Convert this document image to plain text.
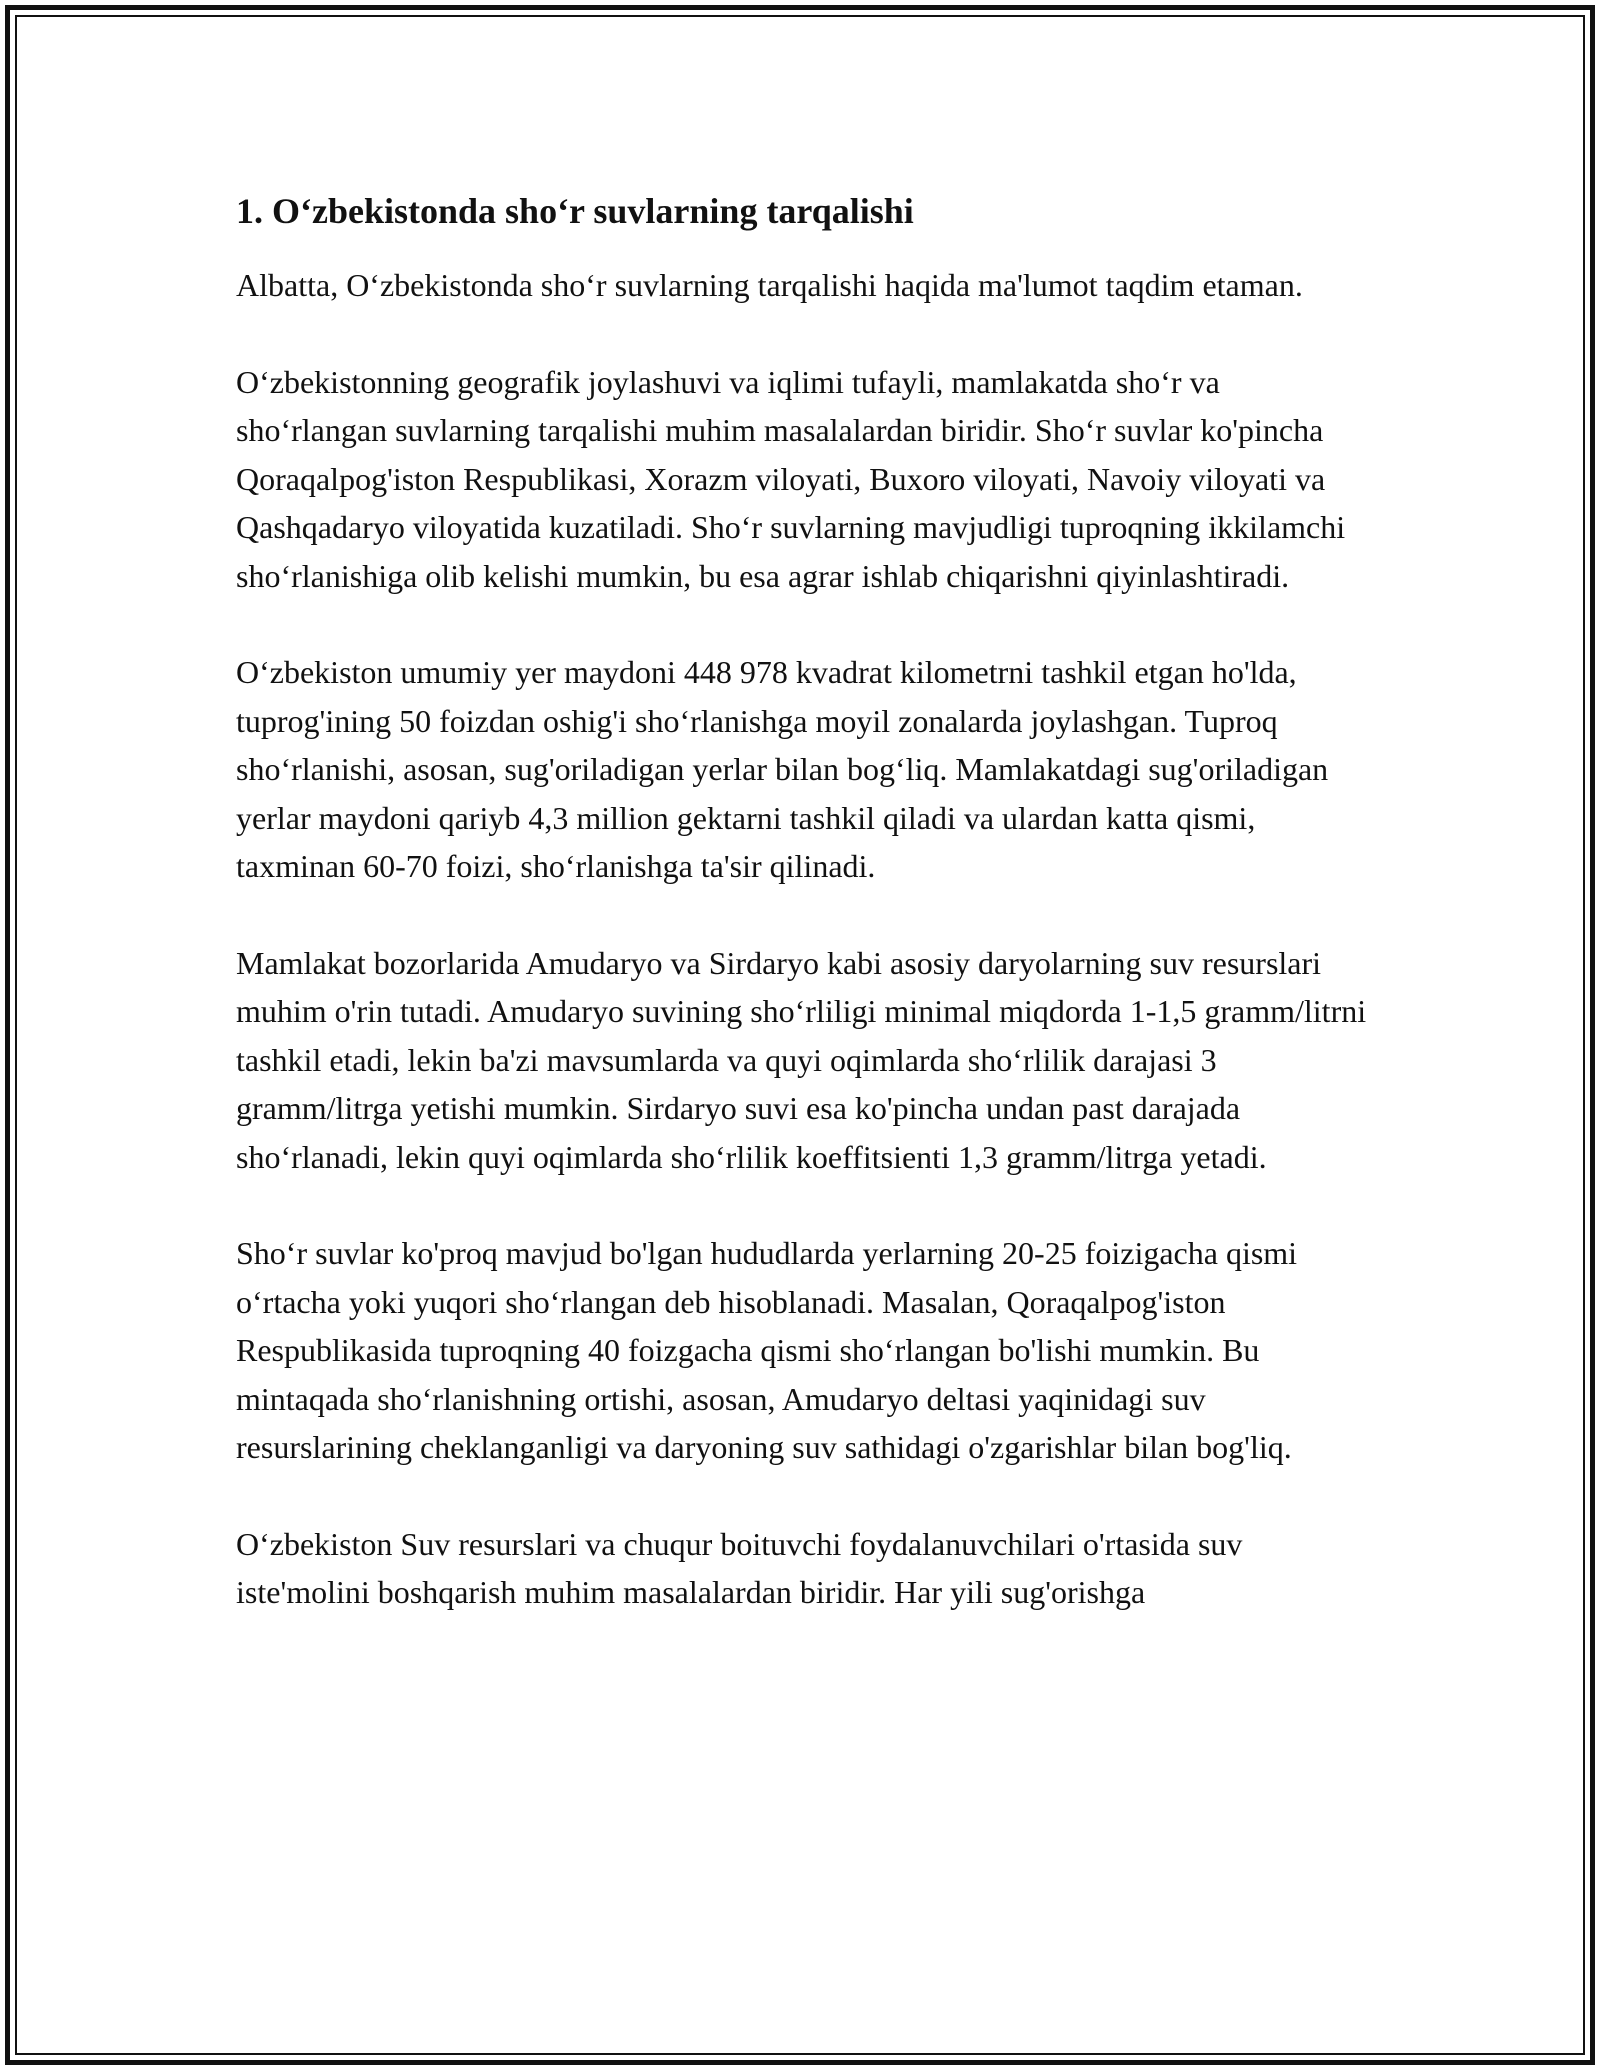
1. O‘zbekistonda sho‘r suvlarning tarqalishi

Albatta, O‘zbekistonda sho‘r suvlarning tarqalishi haqida ma'lumot taqdim etaman.

O‘zbekistonning geografik joylashuvi va iqlimi tufayli, mamlakatda sho‘r va sho‘rlangan suvlarning tarqalishi muhim masalalardan biridir. Sho‘r suvlar ko'pincha Qoraqalpog'iston Respublikasi, Xorazm viloyati, Buxoro viloyati, Navoiy viloyati va Qashqadaryo viloyatida kuzatiladi. Sho‘r suvlarning mavjudligi tuproqning ikkilamchi sho‘rlanishiga olib kelishi mumkin, bu esa agrar ishlab chiqarishni qiyinlashtiradi.

O‘zbekiston umumiy yer maydoni 448 978 kvadrat kilometrni tashkil etgan ho'lda, tuprog'ining 50 foizdan oshig'i sho‘rlanishga moyil zonalarda joylashgan. Tuproq sho‘rlanishi, asosan, sug'oriladigan yerlar bilan bog‘liq. Mamlakatdagi sug'oriladigan yerlar maydoni qariyb 4,3 million gektarni tashkil qiladi va ulardan katta qismi, taxminan 60-70 foizi, sho‘rlanishga ta'sir qilinadi.

Mamlakat bozorlarida Amudaryo va Sirdaryo kabi asosiy daryolarning suv resurslari muhim o'rin tutadi. Amudaryo suvining sho‘rliligi minimal miqdorda 1-1,5 gramm/litrni tashkil etadi, lekin ba'zi mavsumlarda va quyi oqimlarda sho‘rlilik darajasi 3 gramm/litrga yetishi mumkin. Sirdaryo suvi esa ko'pincha undan past darajada sho‘rlanadi, lekin quyi oqimlarda sho‘rlilik koeffitsienti 1,3 gramm/litrga yetadi.

Sho‘r suvlar ko'proq mavjud bo'lgan hududlarda yerlarning 20-25 foizigacha qismi o‘rtacha yoki yuqori sho‘rlangan deb hisoblanadi. Masalan, Qoraqalpog'iston Respublikasida tuproqning 40 foizgacha qismi sho‘rlangan bo'lishi mumkin. Bu mintaqada sho‘rlanishning ortishi, asosan, Amudaryo deltasi yaqinidagi suv resurslarining cheklanganligi va daryoning suv sathidagi o'zgarishlar bilan bog'liq.

O‘zbekiston Suv resurslari va chuqur boituvchi foydalanuvchilari o'rtasida suv iste'molini boshqarish muhim masalalardan biridir. Har yili sug'orishga
